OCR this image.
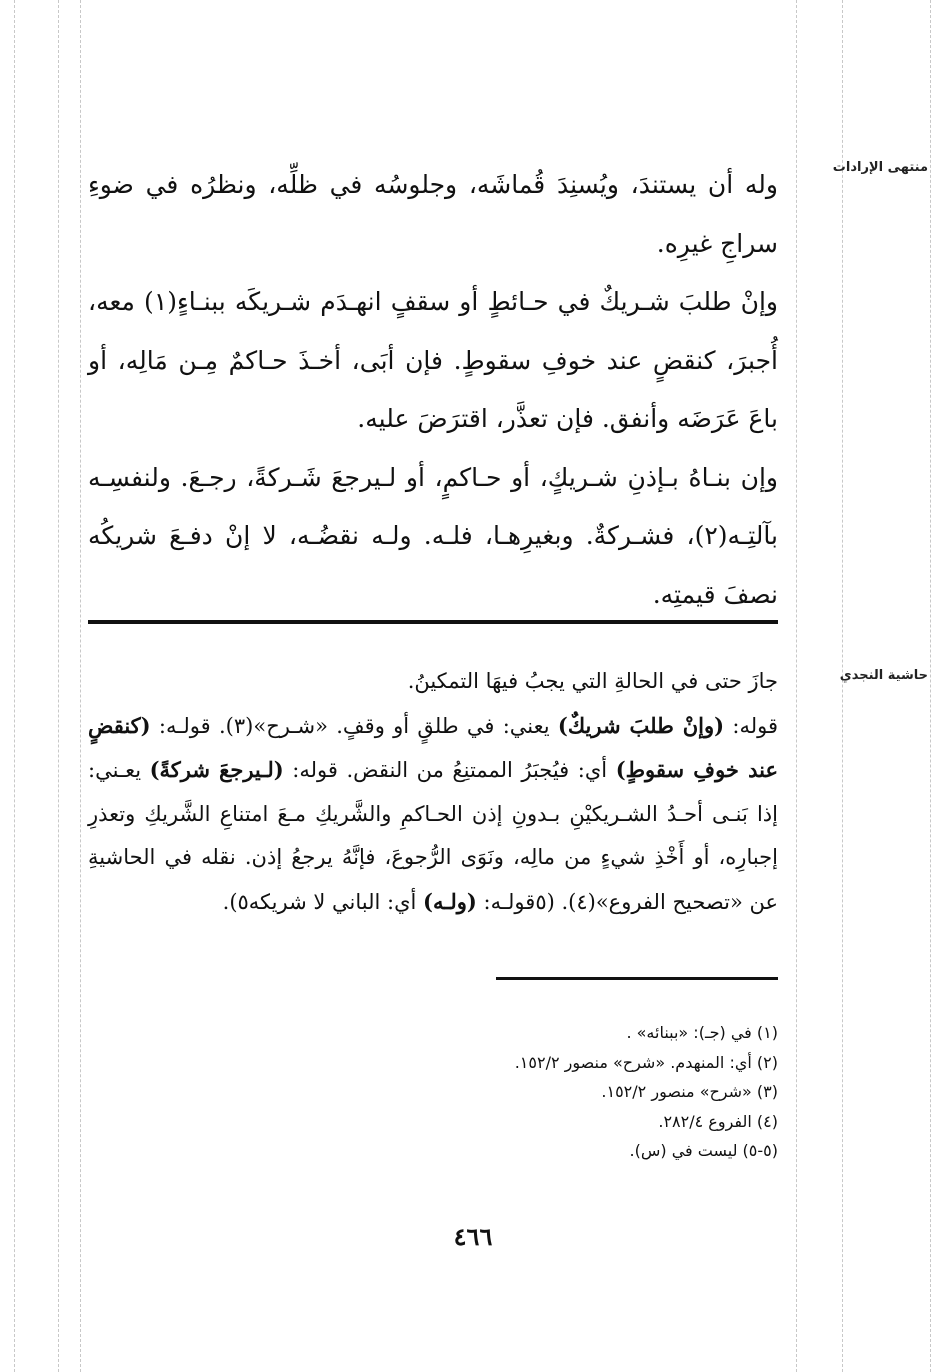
منتهى الإرادات
حاشية النجدي

وله أن يستندَ، ويُسنِدَ قُماشَه، وجلوسُه في ظلِّه، ونظرُه في ضوءِ سراجِ غيرِه.

وإنْ طلبَ شـريكٌ في حـائطٍ أو سقفٍ انهـدَم شـريكَه ببنـاءٍ(١) معه، أُجبرَ، كنقضٍ عند خوفِ سقوطٍ. فإن أبَى، أخـذَ حـاكمٌ مِـن مَالِه، أو باعَ عَرَضَه وأنفق. فإن تعذَّر، اقترَضَ عليه.

وإن بنـاهُ بـإذنِ شـريكٍ، أو حـاكمٍ، أو لـيرجعَ شَـركةً، رجـعَ. ولنفسِـه بآلتِـه(٢)، فشـركةٌ. وبغيرِهـا، فلـه. ولـه نقضُـه، لا إنْ دفـعَ شريكُه نصفَ قيمتِه.

جازَ حتى في الحالةِ التي يجبُ فيهَا التمكينُ.

قوله: (وإنْ طلبَ شريكٌ) يعني: في طلقٍ أو وقفٍ. «شـرح»(٣). قولـه: (كنقضٍ عند خوفِ سقوطٍ) أي: فيُجبَرُ الممتنِعُ من النقض. قوله: (لـيرجعَ شركةً) يعـني: إذا بَنـى أحـدُ الشـريكيْنِ بـدونِ إذن الحـاكمِ والشَّريكِ مـعَ امتناعِ الشَّريكِ وتعذرِ إجبارِه، أو أَخْذِ شيءٍ من مالِه، ونَوَى الرُّجوعَ، فإنَّهُ يرجعُ إذن. نقله في الحاشيةِ عن «تصحيح الفروع»(٤). (٥قولـه: (ولـه) أي: الباني لا شريكه٥).

(١) في (جـ): «ببنائه» .
(٢) أي: المنهدم. «شرح» منصور ١٥٢/٢.
(٣) «شرح» منصور ١٥٢/٢.
(٤) الفروع ٢٨٢/٤.
(٥-٥) ليست في (س).
٤٦٦
